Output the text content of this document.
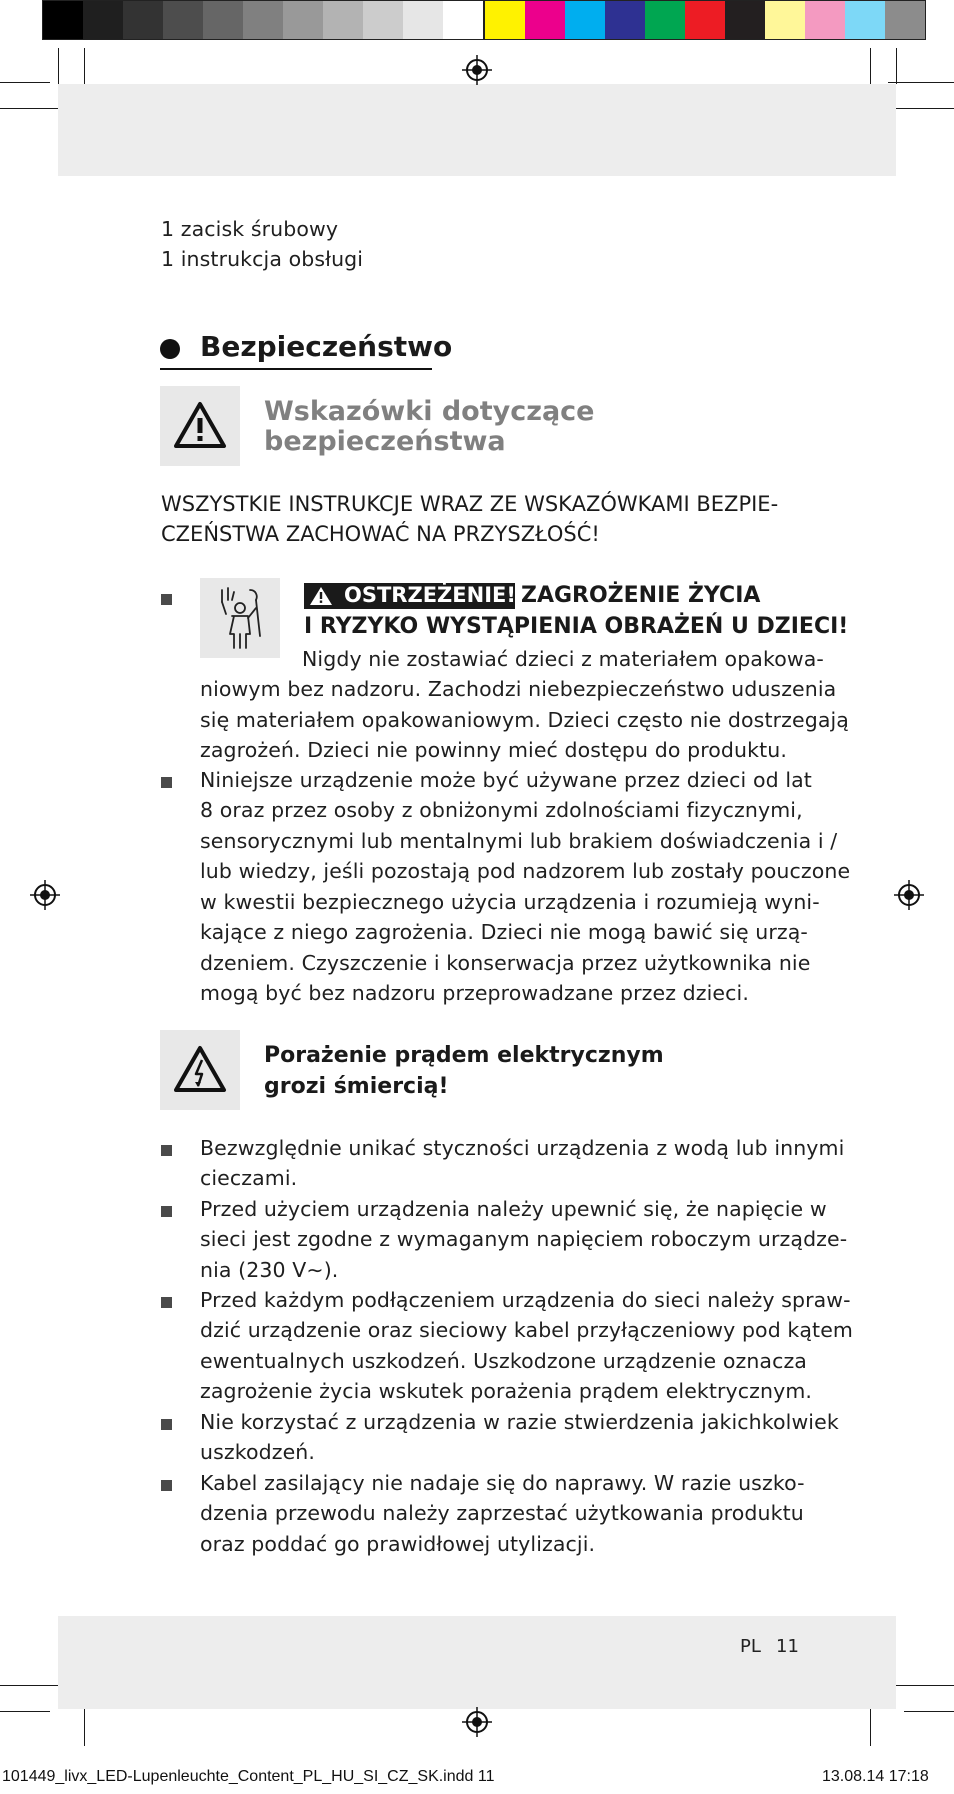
1 zacisk śrubowy
1 instrukcja obsługi
Bezpieczeństwo
Wskazówki dotyczące
bezpieczeństwa
WSZYSTKIE INSTRUKCJE WRAZ ZE WSKAZÓWKAMI BEZPIE-
CZEŃSTWA ZACHOWAĆ NA PRZYSZŁOŚĆ!
OSTRZEŻENIE! ZAGROŻENIE ŻYCIA
I RYZYKO WYSTĄPIENIA OBRAŻEŃ U DZIECI!
Nigdy nie zostawiać dzieci z materiałem opakowa-
niowym bez nadzoru. Zachodzi niebezpieczeństwo uduszenia
się materiałem opakowaniowym. Dzieci często nie dostrzegają
zagrożeń. Dzieci nie powinny mieć dostępu do produktu.
Niniejsze urządzenie może być używane przez dzieci od lat
8 oraz przez osoby z obniżonymi zdolnościami fizycznymi,
sensorycznymi lub mentalnymi lub brakiem doświadczenia i /
lub wiedzy, jeśli pozostają pod nadzorem lub zostały pouczone
w kwestii bezpiecznego użycia urządzenia i rozumieją wyni-
kające z niego zagrożenia. Dzieci nie mogą bawić się urzą-
dzeniem. Czyszczenie i konserwacja przez użytkownika nie
mogą być bez nadzoru przeprowadzane przez dzieci.
Porażenie prądem elektrycznym
grozi śmiercią!
Bezwzględnie unikać styczności urządzenia z wodą lub innymi
cieczami.
Przed użyciem urządzenia należy upewnić się, że napięcie w
sieci jest zgodne z wymaganym napięciem roboczym urządze-
nia (230 V∼).
Przed każdym podłączeniem urządzenia do sieci należy spraw-
dzić urządzenie oraz sieciowy kabel przyłączeniowy pod kątem
ewentualnych uszkodzeń. Uszkodzone urządzenie oznacza
zagrożenie życia wskutek porażenia prądem elektrycznym.
Nie korzystać z urządzenia w razie stwierdzenia jakichkolwiek
uszkodzeń.
Kabel zasilający nie nadaje się do naprawy. W razie uszko-
dzenia przewodu należy zaprzestać użytkowania produktu
oraz poddać go prawidłowej utylizacji.
PL 11
101449_livx_LED-Lupenleuchte_Content_PL_HU_SI_CZ_SK.indd 11	13.08.14 17:18
